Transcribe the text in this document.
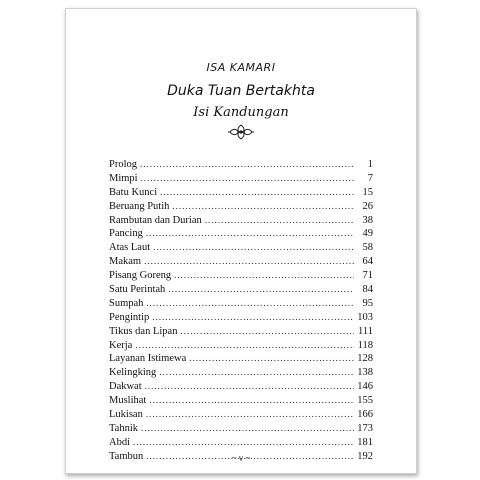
ISA KAMARI
Duka Tuan Bertakhta
Isi Kandungan
Prolog .....	1
Mimpi .....	7
Batu Kunci .....	15
Beruang Putih .....	26
Rambutan dan Durian .....	38
Pancing .....	49
Atas Laut .....	58
Makam .....	64
Pisang Goreng .....	71
Satu Perintah .....	84
Sumpah .....	95
Pengintip .....	103
Tikus dan Lipan .....	111
Kerja .....	118
Layanan Istimewa .....	128
Kelingking .....	138
Dakwat .....	146
Muslihat .....	155
Lukisan .....	166
Tahnik .....	173
Abdi .....	181
Tambun .....	192
~ v ~
